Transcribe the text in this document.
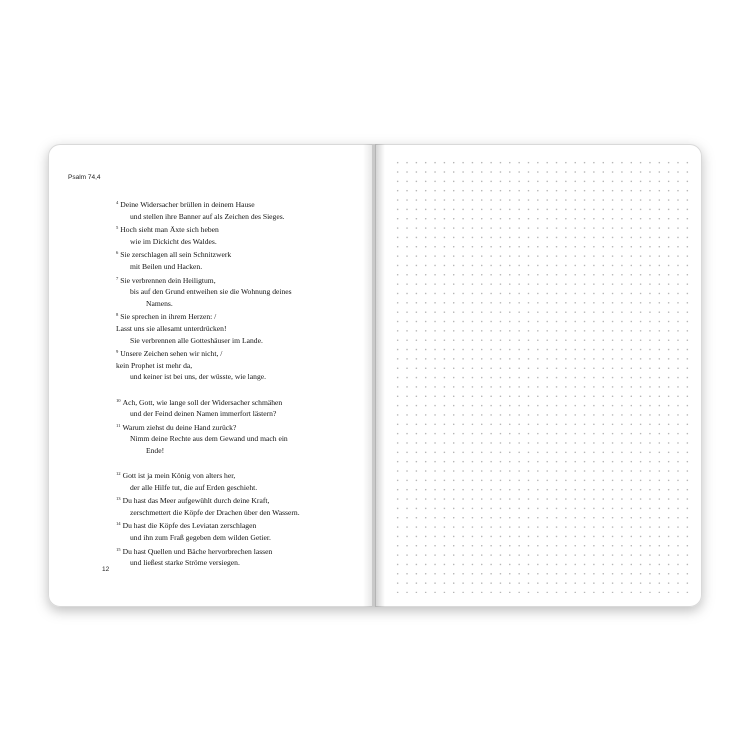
Psalm 74,4
$^4$ Deine Widersacher brüllen in deinem Hause
und stellen ihre Banner auf als Zeichen des Sieges.
$^5$ Hoch sieht man Äxte sich heben
wie im Dickicht des Waldes.
$^6$ Sie zerschlagen all sein Schnitzwerk
mit Beilen und Hacken.
$^7$ Sie verbrennen dein Heiligtum,
bis auf den Grund entweihen sie die Wohnung deines
Namens.
$^8$ Sie sprechen in ihrem Herzen: /
Lasst uns sie allesamt unterdrücken!
Sie verbrennen alle Gotteshäuser im Lande.
$^9$ Unsere Zeichen sehen wir nicht, /
kein Prophet ist mehr da,
und keiner ist bei uns, der wüsste, wie lange.
$^{10}$ Ach, Gott, wie lange soll der Widersacher schmähen
und der Feind deinen Namen immerfort lästern?
$^{11}$ Warum ziehst du deine Hand zurück?
Nimm deine Rechte aus dem Gewand und mach ein
Ende!
$^{12}$ Gott ist ja mein König von alters her,
der alle Hilfe tut, die auf Erden geschieht.
$^{13}$ Du hast das Meer aufgewühlt durch deine Kraft,
zerschmettert die Köpfe der Drachen über den Wassern.
$^{14}$ Du hast die Köpfe des Leviatan zerschlagen
und ihn zum Fraß gegeben dem wilden Getier.
$^{15}$ Du hast Quellen und Bäche hervorbrechen lassen
und ließest starke Ströme versiegen.
12
